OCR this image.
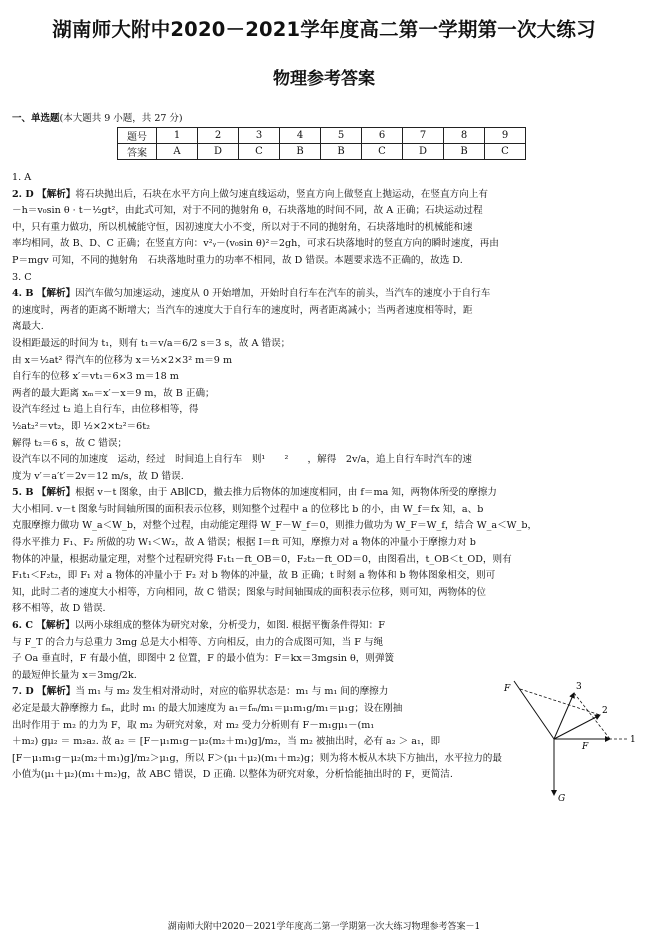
湖南师大附中2020－2021学年度高二第一学期第一次大练习
物理参考答案
一、单选题(本大题共 9 小题，共 27 分)
题号	1	2	3	4	5	6	7	8	9
答案	A	D	C	B	B	C	D	B	C

1. A

2. D 【解析】将石块抛出后，石块在水平方向上做匀速直线运动，竖直方向上做竖直上抛运动，在竖直方向上有

－h＝v₀sin θ · t－½gt²，由此式可知，对于不同的抛射角 θ，石块落地的时间不同，故 A 正确；石块运动过程

中，只有重力做功，所以机械能守恒，因初速度大小不变，所以对于不同的抛射角，石块落地时的机械能和速

率均相同，故 B、D、C 正确；在竖直方向：v²ᵧ－(v₀sin θ)²＝2gh，可求石块落地时的竖直方向的瞬时速度，再由

P＝mgv 可知，不同的抛射角　石块落地时重力的功率不相同，故 D 错误。本题要求选不正确的，故选 D.

3. C

4. B 【解析】因汽车做匀加速运动，速度从 0 开始增加，开始时自行车在汽车的前头，当汽车的速度小于自行车

的速度时，两者的距离不断增大；当汽车的速度大于自行车的速度时，两者距离减小；当两者速度相等时，距

离最大.

设相距最远的时间为 t₁，则有 t₁＝v/a＝6/2 s＝3 s，故 A 错误；

由 x＝½at² 得汽车的位移为 x＝½×2×3² m＝9 m

自行车的位移 x′＝vt₁＝6×3 m＝18 m

两者的最大距离 xₘ＝x′－x＝9 m，故 B 正确；

设汽车经过 t₂ 追上自行车，由位移相等，得

½at₂²＝vt₂，即 ½×2×t₂²＝6t₂

解得 t₂＝6 s，故 C 错误；

设汽车以不同的加速度　运动，经过　时间追上自行车　则¹　　²　　，解得　2v/a，追上自行车时汽车的速

度为 v′＝a′t′＝2v＝12 m/s，故 D 错误.

5. B 【解析】根据 v－t 图象，由于 AB∥CD，撤去推力后物体的加速度相同，由 f＝ma 知，两物体所受的摩擦力

大小相同. v－t 图象与时间轴所围的面积表示位移，则知整个过程中 a 的位移比 b 的小，由 W_f＝fx 知，a、b

克服摩擦力做功 W_a＜W_b，对整个过程，由动能定理得 W_F－W_f＝0，则推力做功为 W_F＝W_f，结合 W_a＜W_b，

得水平推力 F₁、F₂ 所做的功 W₁＜W₂，故 A 错误；根据 I＝ft 可知，摩擦力对 a 物体的冲量小于摩擦力对 b

物体的冲量，根据动量定理，对整个过程研究得 F₁t₁－ft_OB＝0，F₂t₂－ft_OD＝0，由图看出，t_OB＜t_OD，则有

F₁t₁＜F₂t₂，即 F₁ 对 a 物体的冲量小于 F₂ 对 b 物体的冲量，故 B 正确；t 时刻 a 物体和 b 物体图象相交，则可

知，此时二者的速度大小相等，方向相同，故 C 错误；图象与时间轴围成的面积表示位移，则可知，两物体的位

移不相等，故 D 错误.

6. C 【解析】以两小球组成的整体为研究对象，分析受力，如图. 根据平衡条件得知：F

与 F_T 的合力与总重力 3mg 总是大小相等、方向相反，由力的合成图可知，当 F 与绳

子 Oa 垂直时，F 有最小值，即图中 2 位置，F 的最小值为：F＝kx＝3mgsin θ，则弹簧

的最短伸长量为 x＝3mg/2k.

7. D 【解析】当 m₁ 与 m₂ 发生相对滑动时，对应的临界状态是：m₁ 与 m₁ 间的摩擦力

必定是最大静摩擦力 fₘ，此时 m₁ 的最大加速度为 a₁＝fₘ/m₁＝μ₁m₁g/m₁＝μ₁g；设在刚抽

出时作用于 m₂ 的力为 F，取 m₂ 为研究对象，对 m₂ 受力分析则有 F－m₁gμ₁－(m₁

＋m₂) gμ₂ ＝ m₂a₂. 故 a₂ ＝ [F－μ₁m₁g－μ₂(m₂＋m₁)g]/m₂，当 m₂ 被抽出时，必有 a₂ ＞ a₁，即

[F－μ₁m₁g－μ₂(m₂＋m₁)g]/m₂＞μ₁g，所以 F＞(μ₁＋μ₂)(m₁＋m₂)g；则为将木板从木块下方抽出，水平拉力的最

小值为(μ₁＋μ₂)(m₁＋m₂)g，故 ABC 错误，D 正确. 以整体为研究对象，分析恰能抽出时的 F，更简洁.

F	3
2
1
F
G
湖南师大附中2020－2021学年度高二第一学期第一次大练习物理参考答案－1
